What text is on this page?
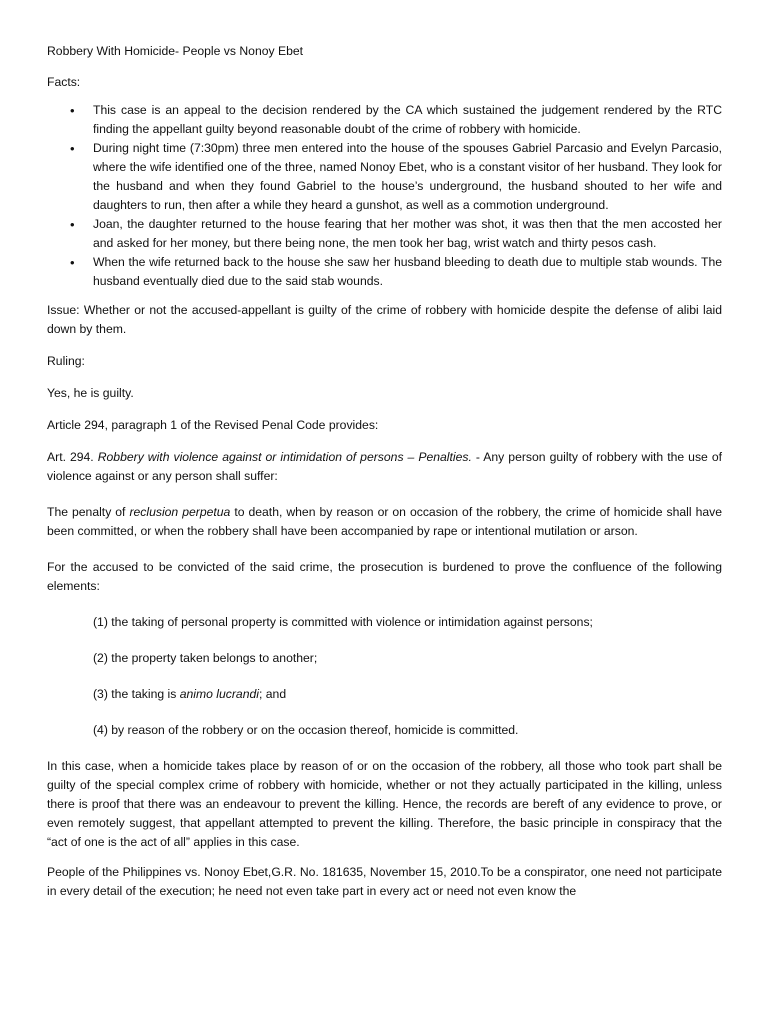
Robbery With Homicide- People vs Nonoy Ebet

Facts:

• This case is an appeal to the decision rendered by the CA which sustained the judgement rendered by the RTC finding the appellant guilty beyond reasonable doubt of the crime of robbery with homicide.
• During night time (7:30pm) three men entered into the house of the spouses Gabriel Parcasio and Evelyn Parcasio, where the wife identified one of the three, named Nonoy Ebet, who is a constant visitor of her husband. They look for the husband and when they found Gabriel to the house’s underground, the husband shouted to her wife and daughters to run, then after a while they heard a gunshot, as well as a commotion underground.
• Joan, the daughter returned to the house fearing that her mother was shot, it was then that the men accosted her and asked for her money, but there being none, the men took her bag, wrist watch and thirty pesos cash.
• When the wife returned back to the house she saw her husband bleeding to death due to multiple stab wounds. The husband eventually died due to the said stab wounds.

Issue: Whether or not the accused-appellant is guilty of the crime of robbery with homicide despite the defense of alibi laid down by them.

Ruling:

Yes, he is guilty.

Article 294, paragraph 1 of the Revised Penal Code provides:

Art. 294. Robbery with violence against or intimidation of persons – Penalties. - Any person guilty of robbery with the use of violence against or any person shall suffer:

The penalty of reclusion perpetua to death, when by reason or on occasion of the robbery, the crime of homicide shall have been committed, or when the robbery shall have been accompanied by rape or intentional mutilation or arson.

For the accused to be convicted of the said crime, the prosecution is burdened to prove the confluence of the following elements:

(1) the taking of personal property is committed with violence or intimidation against persons;

(2) the property taken belongs to another;

(3) the taking is animo lucrandi; and

(4) by reason of the robbery or on the occasion thereof, homicide is committed.

In this case, when a homicide takes place by reason of or on the occasion of the robbery, all those who took part shall be guilty of the special complex crime of robbery with homicide, whether or not they actually participated in the killing, unless there is proof that there was an endeavour to prevent the killing. Hence, the records are bereft of any evidence to prove, or even remotely suggest, that appellant attempted to prevent the killing. Therefore, the basic principle in conspiracy that the “act of one is the act of all” applies in this case.

People of the Philippines vs. Nonoy Ebet,G.R. No. 181635, November 15, 2010.To be a conspirator, one need not participate in every detail of the execution; he need not even take part in every act or need not even know the
